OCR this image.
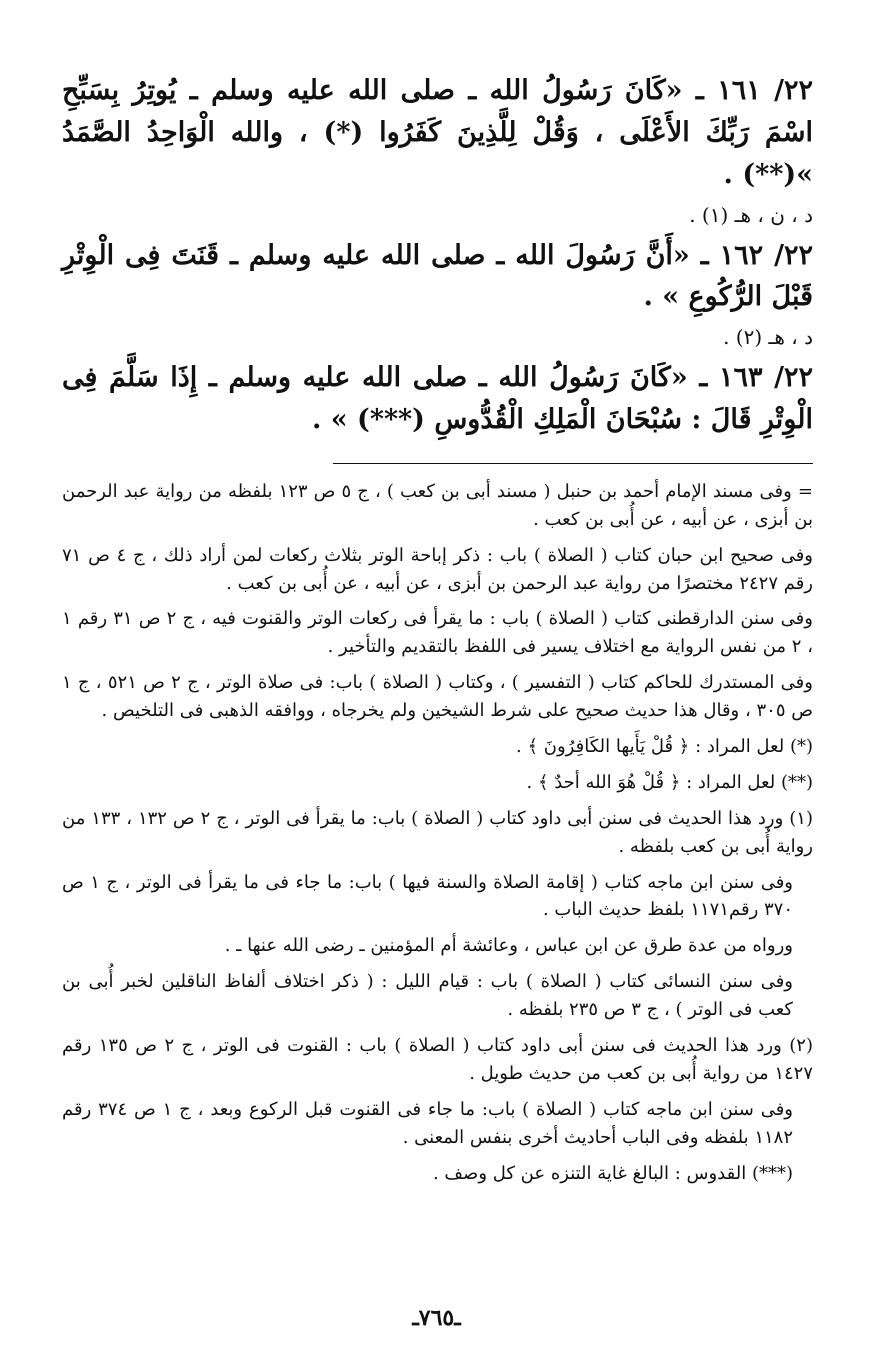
٢٢/ ١٦١ ـ «كَانَ رَسُولُ الله ـ صلى الله عليه وسلم ـ يُوتِرُ بِسَبِّحِ اسْمَ رَبِّكَ الأَعْلَى ، وَقُلْ لِلَّذِينَ كَفَرُوا (*) ، والله الْوَاحِدُ الصَّمَدُ »(**) .

د ، ن ، هـ (١) .

٢٢/ ١٦٢ ـ «أَنَّ رَسُولَ الله ـ صلى الله عليه وسلم ـ قَنَتَ فِى الْوِتْرِ قَبْلَ الرُّكُوعِ » .

د ، هـ (٢) .

٢٢/ ١٦٣ ـ «كَانَ رَسُولُ الله ـ صلى الله عليه وسلم ـ إِذَا سَلَّمَ فِى الْوِتْرِ قَالَ : سُبْحَانَ الْمَلِكِ الْقُدُّوسِ (***) » .

= وفى مسند الإمام أحمد بن حنبل ( مسند أبى بن كعب ) ، ج ٥ ص ١٢٣ بلفظه من رواية عبد الرحمن بن أبزى ، عن أبيه ، عن أُبى بن كعب .

وفى صحيح ابن حبان كتاب ( الصلاة ) باب : ذكر إباحة الوتر بثلاث ركعات لمن أراد ذلك ، ج ٤ ص ٧١ رقم ٢٤٢٧ مختصرًا من رواية عبد الرحمن بن أبزى ، عن أبيه ، عن أُبى بن كعب .

وفى سنن الدارقطنى كتاب ( الصلاة ) باب : ما يقرأ فى ركعات الوتر والقنوت فيه ، ج ٢ ص ٣١ رقم ١ ، ٢ من نفس الرواية مع اختلاف يسير فى اللفظ بالتقديم والتأخير .

وفى المستدرك للحاكم كتاب ( التفسير ) ، وكتاب ( الصلاة ) باب: فى صلاة الوتر ، ج ٢ ص ٥٢١ ، ج ١ ص ٣٠٥ ، وقال هذا حديث صحيح على شرط الشيخين ولم يخرجاه ، ووافقه الذهبى فى التلخيص .

(*) لعل المراد : ﴿ قُلْ يَأَيها الكَافِرُونَ ﴾ .

(**) لعل المراد : ﴿ قُلْ هُوَ الله أحدٌ ﴾ .

(١) ورد هذا الحديث فى سنن أبى داود كتاب ( الصلاة ) باب: ما يقرأ فى الوتر ، ج ٢ ص ١٣٢ ، ١٣٣ من رواية أُبى بن كعب بلفظه .

وفى سنن ابن ماجه كتاب ( إقامة الصلاة والسنة فيها ) باب: ما جاء فى ما يقرأ فى الوتر ، ج ١ ص ٣٧٠ رقم١١٧١ بلفظ حديث الباب .

ورواه من عدة طرق عن ابن عباس ، وعائشة أم المؤمنين ـ رضى الله عنها ـ .

وفى سنن النسائى كتاب ( الصلاة ) باب : قيام الليل : ( ذكر اختلاف ألفاظ الناقلين لخبر أُبى بن كعب فى الوتر ) ، ج ٣ ص ٢٣٥ بلفظه .

(٢) ورد هذا الحديث فى سنن أبى داود كتاب ( الصلاة ) باب : القنوت فى الوتر ، ج ٢ ص ١٣٥ رقم ١٤٢٧ من رواية أُبى بن كعب من حديث طويل .

وفى سنن ابن ماجه كتاب ( الصلاة ) باب: ما جاء فى القنوت قبل الركوع وبعد ، ج ١ ص ٣٧٤ رقم ١١٨٢ بلفظه وفى الباب أحاديث أخرى بنفس المعنى .

(***) القدوس : البالغ غاية التنزه عن كل وصف .

ـ٧٦٥ـ
